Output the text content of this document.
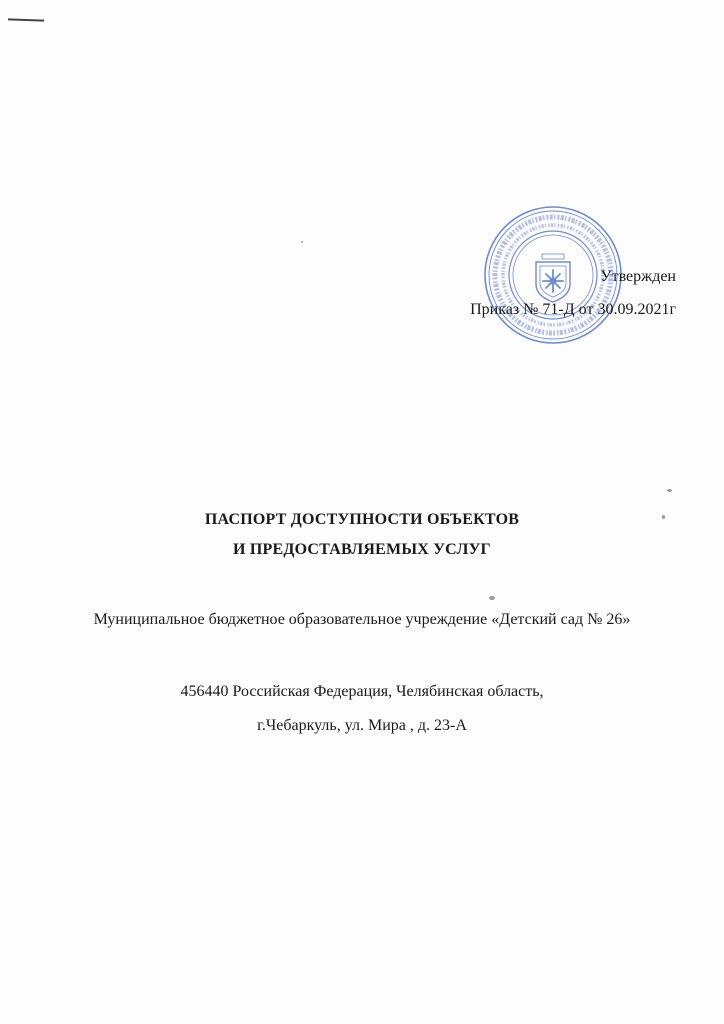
Утвержден
Приказ № 71-Д от 30.09.2021г
ПАСПОРТ ДОСТУПНОСТИ ОБЪЕКТОВ
И ПРЕДОСТАВЛЯЕМЫХ УСЛУГ
Муниципальное бюджетное образовательное учреждение «Детский сад № 26»
456440 Российская Федерация, Челябинская область,
г.Чебаркуль, ул. Мира , д. 23-А
